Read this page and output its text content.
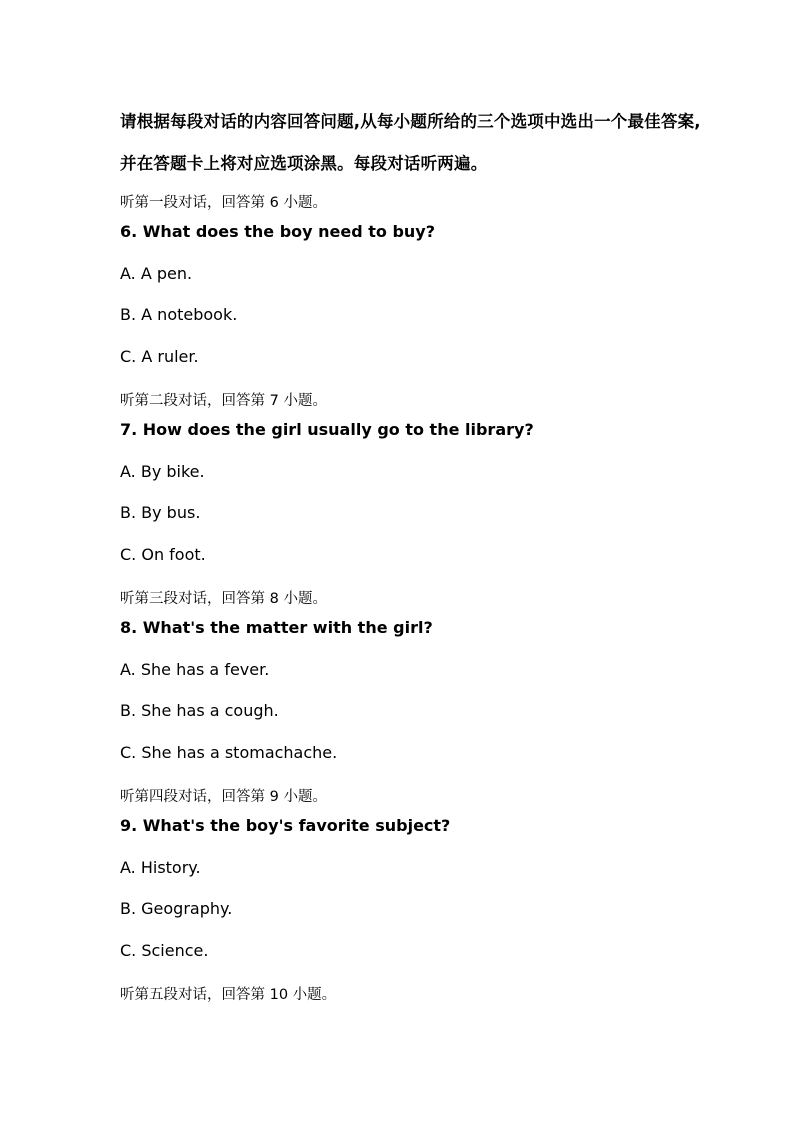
请根据每段对话的内容回答问题,从每小题所给的三个选项中选出一个最佳答案,
并在答题卡上将对应选项涂黑。每段对话听两遍。
听第一段对话，回答第 6 小题。
6. What does the boy need to buy?
A. A pen.
B. A notebook.
C. A ruler.
听第二段对话，回答第 7 小题。
7. How does the girl usually go to the library?
A. By bike.
B. By bus.
C. On foot.
听第三段对话，回答第 8 小题。
8. What's the matter with the girl?
A. She has a fever.
B. She has a cough.
C. She has a stomachache.
听第四段对话，回答第 9 小题。
9. What's the boy's favorite subject?
A. History.
B. Geography.
C. Science.
听第五段对话，回答第 10 小题。
